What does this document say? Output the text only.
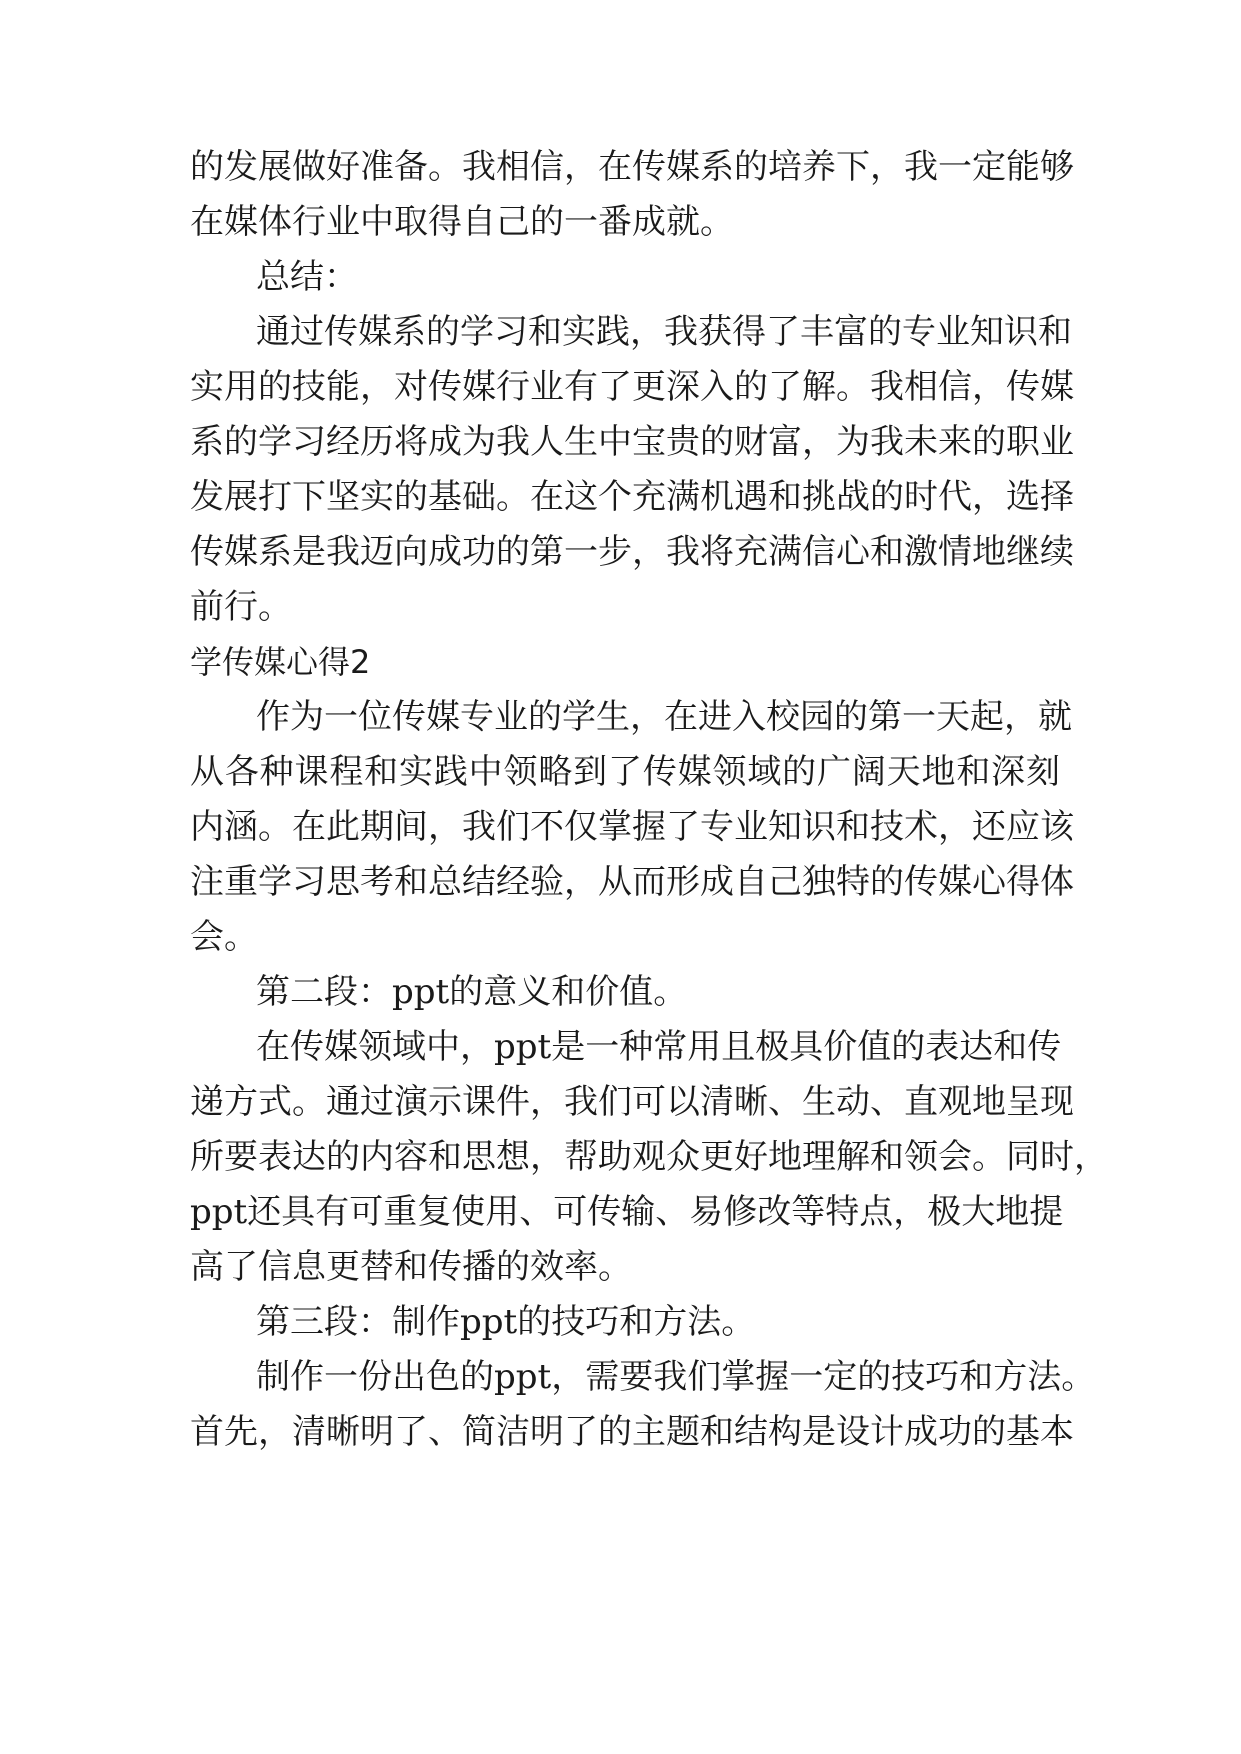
的发展做好准备。我相信，在传媒系的培养下，我一定能够
在媒体行业中取得自己的一番成就。
总结：
通过传媒系的学习和实践，我获得了丰富的专业知识和
实用的技能，对传媒行业有了更深入的了解。我相信，传媒
系的学习经历将成为我人生中宝贵的财富，为我未来的职业
发展打下坚实的基础。在这个充满机遇和挑战的时代，选择
传媒系是我迈向成功的第一步，我将充满信心和激情地继续
前行。
学传媒心得2
作为一位传媒专业的学生，在进入校园的第一天起，就
从各种课程和实践中领略到了传媒领域的广阔天地和深刻
内涵。在此期间，我们不仅掌握了专业知识和技术，还应该
注重学习思考和总结经验，从而形成自己独特的传媒心得体
会。
第二段：ppt的意义和价值。
在传媒领域中，ppt是一种常用且极具价值的表达和传
递方式。通过演示课件，我们可以清晰、生动、直观地呈现
所要表达的内容和思想，帮助观众更好地理解和领会。同时，
ppt还具有可重复使用、可传输、易修改等特点，极大地提
高了信息更替和传播的效率。
第三段：制作ppt的技巧和方法。
制作一份出色的ppt，需要我们掌握一定的技巧和方法。
首先，清晰明了、简洁明了的主题和结构是设计成功的基本
